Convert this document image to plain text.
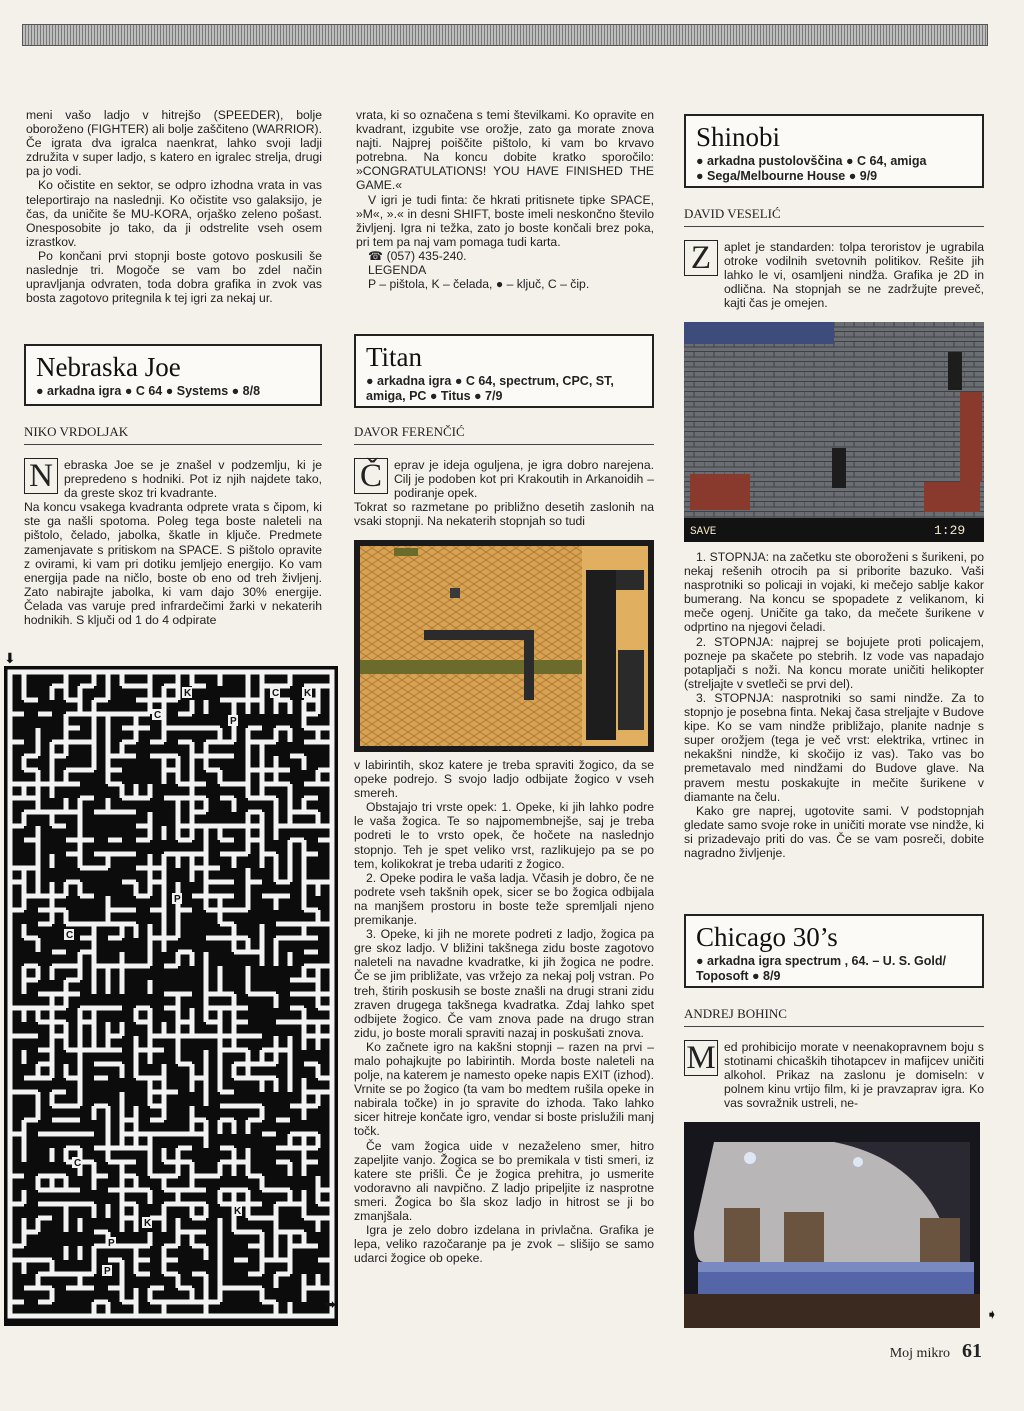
meni vašo ladjo v hitrejšo (SPEEDER), bolje oboroženo (FIGHTER) ali bolje zaščiteno (WARRIOR). Če igrata dva igralca naenkrat, lahko svoji ladji združita v super ladjo, s katero en igralec strelja, drugi pa jo vodi.

Ko očistite en sektor, se odpro izhodna vrata in vas teleportirajo na naslednji. Ko očistite vso galaksijo, je čas, da uničite še MU-KORA, orjaško zeleno pošast. Onesposobite jo tako, da ji odstrelite vseh osem izrastkov.

Po končani prvi stopnji boste gotovo poskusili še naslednje tri. Mogoče se vam bo zdel način upravljanja odvraten, toda dobra grafika in zvok vas bosta zagotovo pritegnila k tej igri za nekaj ur.

vrata, ki so označena s temi številkami. Ko opravite en kvadrant, izgubite vse orožje, zato ga morate znova najti. Najprej poiščite pištolo, ki vam bo krvavo potrebna. Na koncu dobite kratko sporočilo: »CONGRATULATIONS! YOU HAVE FINISHED THE GAME.«

V igri je tudi finta: če hkrati pritisnete tipke SPACE, »M«, ».« in desni SHIFT, boste imeli neskončno število življenj. Igra ni težka, zato jo boste končali brez poka, pri tem pa naj vam pomaga tudi karta.

☎ (057) 435-240.

LEGENDA

P – pištola, K – čelada, ● – ključ, C – čip.

Nebraska Joe
● arkadna igra ● C 64 ● Systems ● 8/8
NIKO VRDOLJAK
N ebraska Joe se je znašel v podzemlju, ki je prepredeno s hodniki. Pot iz njih najdete tako, da greste skoz tri kvadrante.

Na koncu vsakega kvadranta odprete vrata s čipom, ki ste ga našli spotoma. Poleg tega boste naleteli na pištolo, čelado, jabolka, škatle in ključe. Predmete zamenjavate s pritiskom na SPACE. S pištolo opravite z ovirami, ki vam pri dotiku jemljejo energijo. Ko vam energija pade na ničlo, boste ob eno od treh življenj. Zato nabirajte jabolka, ki vam dajo 30% energije. Čelada vas varuje pred infrardečimi žarki v nekaterih hodnikih. S ključi od 1 do 4 odpirate

⬇
K
C
C
P
P
C
C
K
P
P
K
K
➡
Titan
● arkadna igra ● C 64, spectrum, CPC, ST, amiga, PC ● Titus ● 7/9
DAVOR FERENČIĆ
Č eprav je ideja oguljena, je igra dobro narejena. Cilj je podoben kot pri Krakoutih in Arkanoidih – podiranje opek.

Tokrat so razmetane po približno desetih zaslonih na vsaki stopnji. Na nekaterih stopnjah so tudi

v labirintih, skoz katere je treba spraviti žogico, da se opeke podrejo. S svojo ladjo odbijate žogico v vseh smereh.

Obstajajo tri vrste opek: 1. Opeke, ki jih lahko podre le vaša žogica. Te so najpomembnejše, saj je treba podreti le to vrsto opek, če hočete na naslednjo stopnjo. Teh je spet veliko vrst, razlikujejo pa se po tem, kolikokrat je treba udariti z žogico.

2. Opeke podira le vaša ladja. Včasih je dobro, če ne podrete vseh takšnih opek, sicer se bo žogica odbijala na manjšem prostoru in boste teže spremljali njeno premikanje.

3. Opeke, ki jih ne morete podreti z ladjo, žogica pa gre skoz ladjo. V bližini takšnega zidu boste zagotovo naleteli na navadne kvadratke, ki jih žogica ne podre. Če se jim približate, vas vržejo za nekaj polj vstran. Po treh, štirih poskusih se boste znašli na drugi strani zidu zraven drugega takšnega kvadratka. Zdaj lahko spet odbijete žogico. Če vam znova pade na drugo stran zidu, jo boste morali spraviti nazaj in poskušati znova.

Ko začnete igro na kakšni stopnji – razen na prvi – malo pohajkujte po labirintih. Morda boste naleteli na polje, na katerem je namesto opeke napis EXIT (izhod). Vrnite se po žogico (ta vam bo medtem rušila opeke in nabirala točke) in jo spravite do izhoda. Tako lahko sicer hitreje končate igro, vendar si boste prislužili manj točk.

Če vam žogica uide v nezaželeno smer, hitro zapeljite vanjo. Žogica se bo premikala v tisti smeri, iz katere ste prišli. Če je žogica prehitra, jo usmerite vodoravno ali navpično. Z ladjo pripeljite iz nasprotne smeri. Žogica bo šla skoz ladjo in hitrost se ji bo zmanjšala.

Igra je zelo dobro izdelana in privlačna. Grafika je lepa, veliko razočaranje pa je zvok – slišijo se samo udarci žogice ob opeke.

Shinobi
● arkadna pustolovščina ● C 64, amiga
● Sega/Melbourne House ● 9/9
DAVID VESELIĆ
Z	aplet je standarden: tolpa teroristov je ugrabila otroke vodilnih svetovnih politikov. Rešite jih lahko le vi, osamljeni nindža. Grafika je 2D in odlična. Na stopnjah se ne zadržujte preveč, kajti čas je omejen.

SAVE	1:29

1. STOPNJA: na začetku ste oboroženi s šurikeni, po nekaj rešenih otrocih pa si priborite bazuko. Vaši nasprotniki so policaji in vojaki, ki mečejo sablje kakor bumerang. Na koncu se spopadete z velikanom, ki meče ogenj. Uničite ga tako, da mečete šurikene v odprtino na njegovi čeladi.

2. STOPNJA: najprej se bojujete proti policajem, pozneje pa skačete po stebrih. Iz vode vas napadajo potapljači s noži. Na koncu morate uničiti helikopter (streljajte v svetleči se prvi del).

3. STOPNJA: nasprotniki so sami nindže. Za to stopnjo je posebna finta. Nekaj časa streljajte v Budove kipe. Ko se vam nindže približajo, planite nadnje s super orožjem (tega je več vrst: elektrika, vrtinec in nekakšni nindže, ki skočijo iz vas). Tako vas bo premetavalo med nindžami do Budove glave. Na pravem mestu poskakujte in mečite šurikene v diamante na čelu.

Kako gre naprej, ugotovite sami. V podstopnjah gledate samo svoje roke in uničiti morate vse nindže, ki si prizadevajo priti do vas. Če se vam posreči, dobite nagradno življenje.

Chicago 30’s
● arkadna igra spectrum , 64. – U. S. Gold/
Toposoft ● 8/9
ANDREJ BOHINC
M ed prohibicijo morate v neenakopravnem boju s stotinami chicaških tihotapcev in mafijcev uničiti alkohol. Prikaz na zaslonu je domiseln: v polnem kinu vrtijo film, ki je pravzaprav igra. Ko vas sovražnik ustreli, ne-

➧
Moj mikro 61
